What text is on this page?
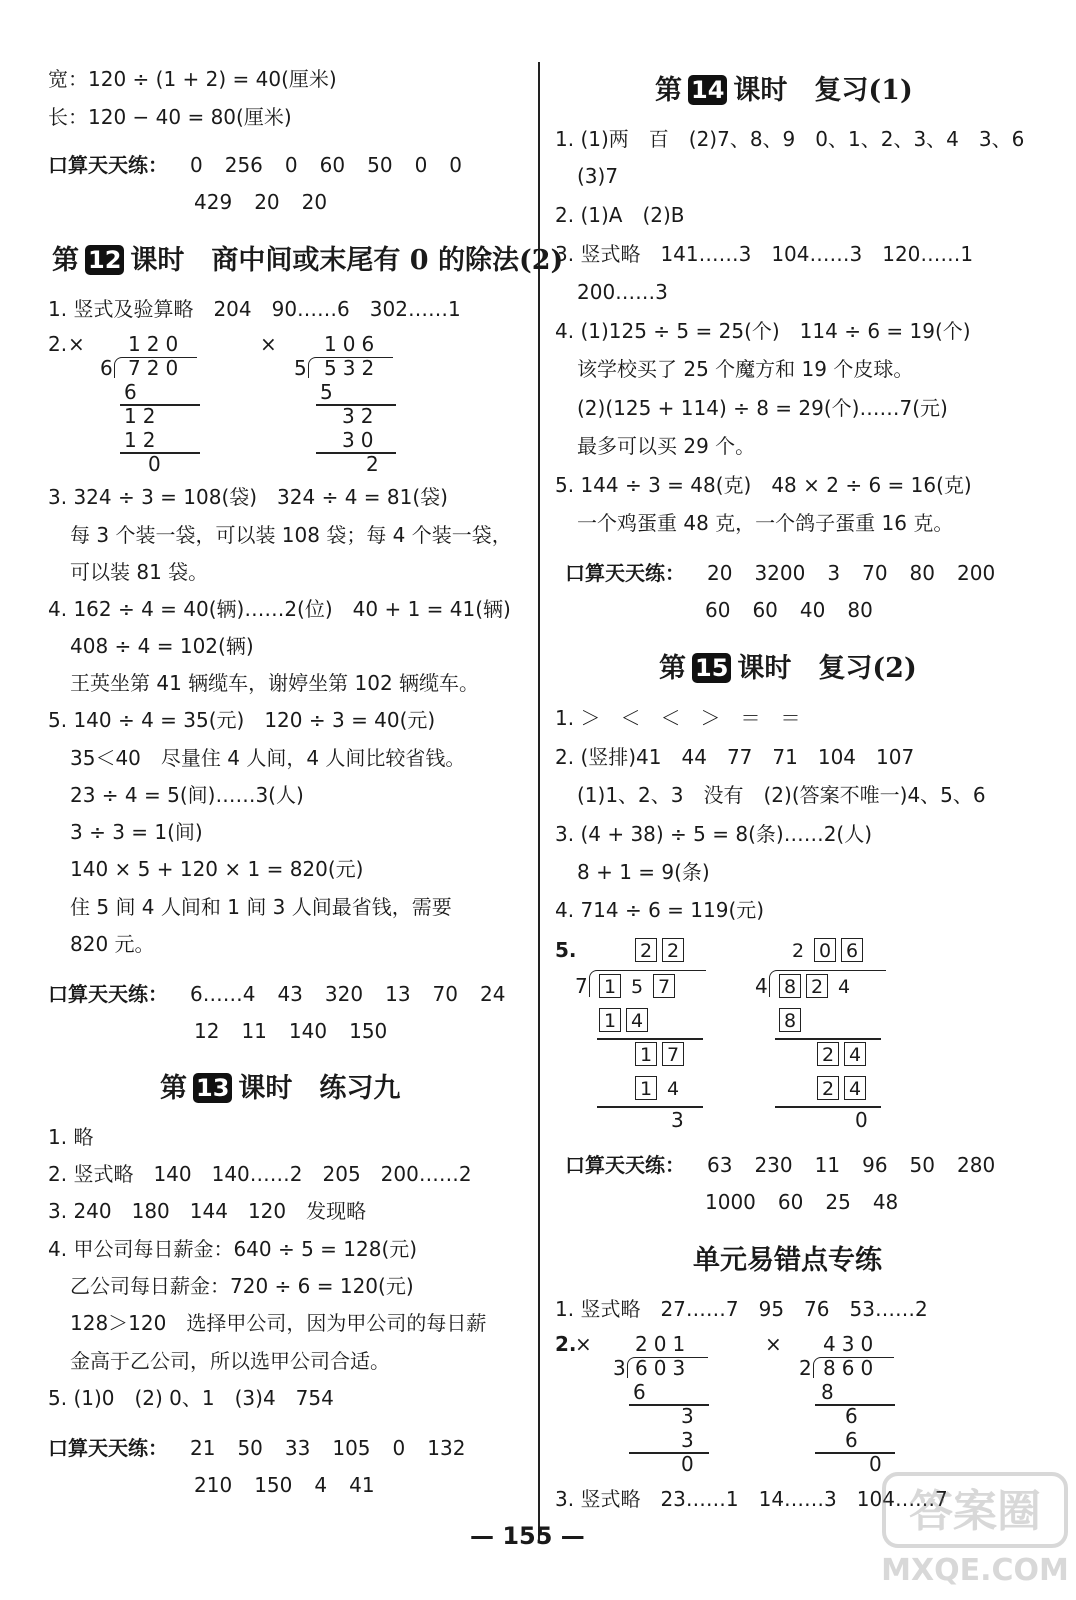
宽：120 ÷ (1 + 2) = 40(厘米)
长：120 − 40 = 80(厘米)
口算天天练： 0 256 0 60 50 0 0
429 20 20
第 12 课时　商中间或末尾有 0 的除法(2)
1. 竖式及验算略　204　90……6　302……1
2. × 120
6 720
6
12
12
0
× 106
5 532
5
32
30
2
3. 324 ÷ 3 = 108(袋)　324 ÷ 4 = 81(袋)
每 3 个装一袋，可以装 108 袋；每 4 个装一袋，
可以装 81 袋。
4. 162 ÷ 4 = 40(辆)……2(位)　40 + 1 = 41(辆)
408 ÷ 4 = 102(辆)
王英坐第 41 辆缆车，谢婷坐第 102 辆缆车。
5. 140 ÷ 4 = 35(元)　120 ÷ 3 = 40(元)
35＜40　尽量住 4 人间，4 人间比较省钱。
23 ÷ 4 = 5(间)……3(人)
3 ÷ 3 = 1(间)
140 × 5 + 120 × 1 = 820(元)
住 5 间 4 人间和 1 间 3 人间最省钱，需要
820 元。
口算天天练： 6……4 43 320 13 70 24
12 11 140 150
第 13 课时　练习九
1. 略
2. 竖式略　140　140……2　205　200……2
3. 240　180　144　120　发现略
4. 甲公司每日薪金：640 ÷ 5 = 128(元)
乙公司每日薪金：720 ÷ 6 = 120(元)
128＞120　选择甲公司，因为甲公司的每日薪
金高于乙公司，所以选甲公司合适。
5. (1)0　(2) 0、1　(3)4　754
口算天天练： 21 50 33 105 0 132
210 150 4 41
第 14 课时　复习(1)
1. (1)两　百　(2)7、8、9　0、1、2、3、4　3、6
(3)7
2. (1)A　(2)B
3. 竖式略　141……3　104……3　120……1
200……3
4. (1)125 ÷ 5 = 25(个)　114 ÷ 6 = 19(个)
该学校买了 25 个魔方和 19 个皮球。
(2)(125 + 114) ÷ 8 = 29(个)……7(元)
最多可以买 29 个。
5. 144 ÷ 3 = 48(克)　48 × 2 ÷ 6 = 16(克)
一个鸡蛋重 48 克，一个鸽子蛋重 16 克。
口算天天练： 20 3200 3 70 80 200
60 60 40 80
第 15 课时　复习(2)
1. ＞　＜　＜　＞　＝　＝
2. (竖排)41　44　77　71　104　107
(1)1、2、3　没有　(2)(答案不唯一)4、5、6
3. (4 + 38) ÷ 5 = 8(条)……2(人)
8 + 1 = 9(条)
4. 714 ÷ 6 = 119(元)
5.	2 2
7 1 5 7
1 4
1 7
1 4
3
2 0 6
4 8 2 4
8
2 4
2 4
0
口算天天练： 63 230 11 96 50 280
1000 60 25 48
单元易错点专练
1. 竖式略　27……7　95　76　53……2
2.
× 201
3 603
6
3
3
0
× 430
2 860
8
6
6
0
3. 竖式略　23……1　14……3　104……7
— 155 —	答案圈
MXQE.COM
